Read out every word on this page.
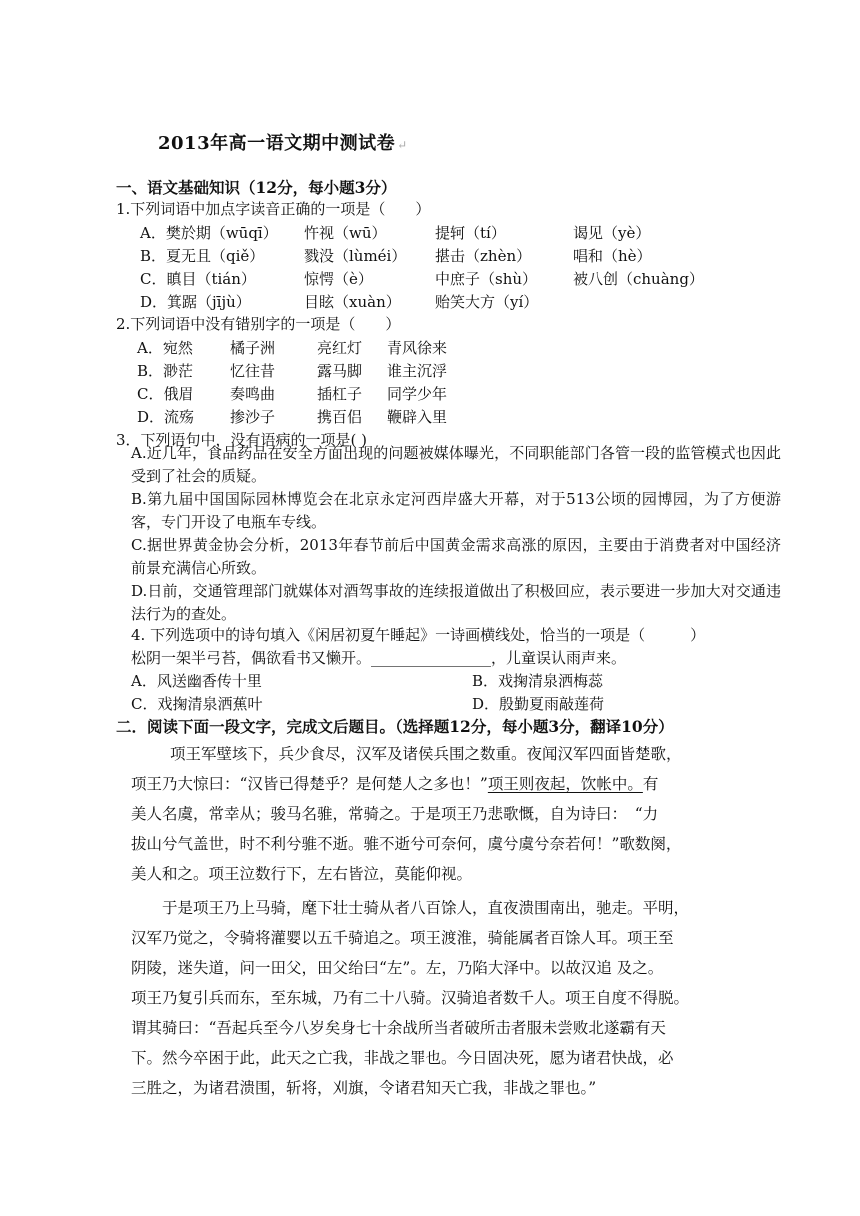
2013年高一语文期中测试卷 ↵
一、语文基础知识（12分，每小题3分）
1.下列词语中加点字读音正确的一项是（　　）
A．樊於期（wūqī） 忤视（wū）	提轲（tí）	谒见（yè）
B．夏无且（qiě）	戮没（lùméi） 揕击（zhèn）	唱和（hè）
C．瞋目（tián）	惊愕（è）	中庶子（shù） 被八创（chuàng）
D．箕踞（jījù）	目眩（xuàn） 贻笑大方（yí）
2.下列词语中没有错别字的一项是（　　）
A．宛然 橘子洲	亮红灯 青风徐来
B．渺茫 忆往昔	露马脚 谁主沉浮
C．俄眉 奏鸣曲	插杠子 同学少年
D．流殇 掺沙子	携百侣 鞭辟入里
3．下列语句中，没有语病的一项是( )
A.近几年，食品药品在安全方面出现的问题被媒体曝光，不同职能部门各管一段的监管模式也因此受到了社会的质疑。
B.第九届中国国际园林博览会在北京永定河西岸盛大开幕，对于513公顷的园博园，为了方便游客，专门开设了电瓶车专线。
C.据世界黄金协会分析，2013年春节前后中国黄金需求高涨的原因，主要由于消费者对中国经济前景充满信心所致。
D.日前，交通管理部门就媒体对酒驾事故的连续报道做出了积极回应，表示要进一步加大对交通违法行为的查处。
4. 下列选项中的诗句填入《闲居初夏午睡起》一诗画横线处，恰当的一项是（　　　）
松阴一架半弓苔，偶欲看书又懒开。________________，儿童误认雨声来。
A．风送幽香传十里	B．戏掬清泉洒梅蕊
C．戏掬清泉洒蕉叶	D．殷勤夏雨敲莲荷
二．阅读下面一段文字，完成文后题目。（选择题12分，每小题3分，翻译10分）
项王军壁垓下，兵少食尽，汉军及诸侯兵围之数重。夜闻汉军四面皆楚歌，
项王乃大惊曰：“汉皆已得楚乎？是何楚人之多也！”项王则夜起，饮帐中。有
美人名虞，常幸从；骏马名骓，常骑之。于是项王乃悲歌慨，自为诗曰：　“力
拔山兮气盖世，时不利兮骓不逝。骓不逝兮可奈何，虞兮虞兮奈若何！”歌数阕，
美人和之。项王泣数行下，左右皆泣，莫能仰视。
于是项王乃上马骑，麾下壮士骑从者八百馀人，直夜溃围南出，驰走。平明，
汉军乃觉之，令骑将灌婴以五千骑追之。项王渡淮，骑能属者百馀人耳。项王至
阴陵，迷失道，问一田父，田父绐曰“左”。左，乃陷大泽中。以故汉追 及之。
项王乃复引兵而东，至东城，乃有二十八骑。汉骑追者数千人。项王自度不得脱。
谓其骑曰：“吾起兵至今八岁矣身七十余战所当者破所击者服未尝败北遂霸有天
下。然今卒困于此，此天之亡我，非战之罪也。今日固决死，愿为诸君快战，必
三胜之，为诸君溃围，斩将，刈旗，令诸君知天亡我，非战之罪也。”
